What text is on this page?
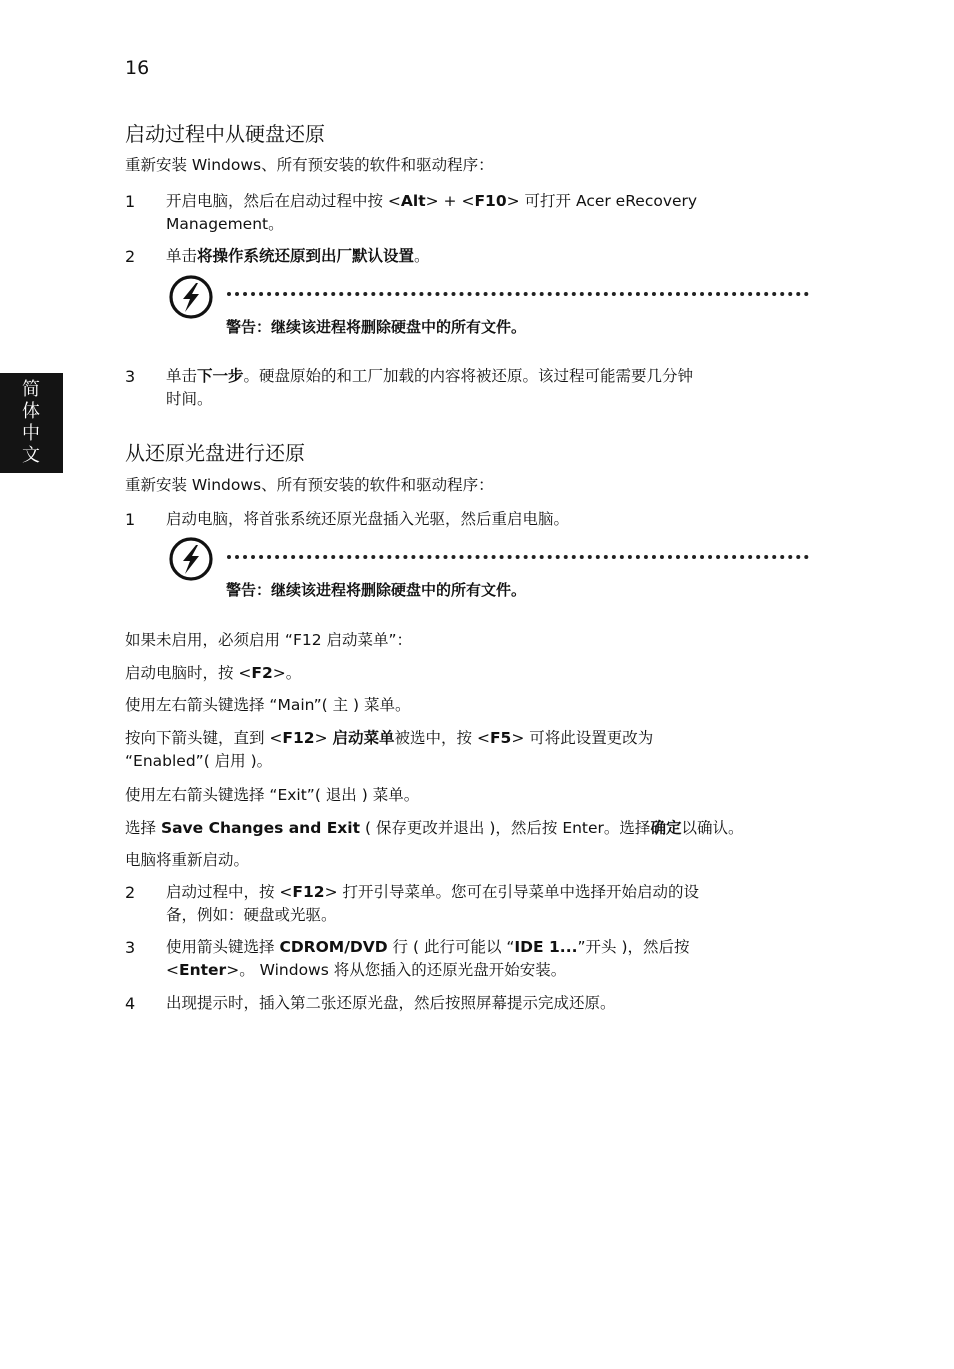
16
简体中文
启动过程中从硬盘还原

重新安装 Windows、所有预安装的软件和驱动程序：

1 开启电脑，然后在启动过程中按 <Alt> + <F10> 可打开 Acer eRecovery
Management。

2 单击将操作系统还原到出厂默认设置。

警告：继续该进程将删除硬盘中的所有文件。
3 单击下一步。硬盘原始的和工厂加载的内容将被还原。该过程可能需要几分钟
时间。

从还原光盘进行还原

重新安装 Windows、所有预安装的软件和驱动程序：

1 启动电脑，将首张系统还原光盘插入光驱，然后重启电脑。

警告：继续该进程将删除硬盘中的所有文件。

如果未启用，必须启用 “F12 启动菜单”：

启动电脑时，按 <F2>。

使用左右箭头键选择 “Main”( 主 ) 菜单。

按向下箭头键，直到 <F12> 启动菜单被选中，按 <F5> 可将此设置更改为
“Enabled”( 启用 )。

使用左右箭头键选择 “Exit”( 退出 ) 菜单。

选择 Save Changes and Exit ( 保存更改并退出 )，然后按 Enter。选择确定以确认。

电脑将重新启动。

2 启动过程中，按 <F12> 打开引导菜单。您可在引导菜单中选择开始启动的设
备，例如：硬盘或光驱。

3 使用箭头键选择 CDROM/DVD 行 ( 此行可能以 “IDE 1...”开头 )，然后按
<Enter>。 Windows 将从您插入的还原光盘开始安装。

4 出现提示时，插入第二张还原光盘，然后按照屏幕提示完成还原。
